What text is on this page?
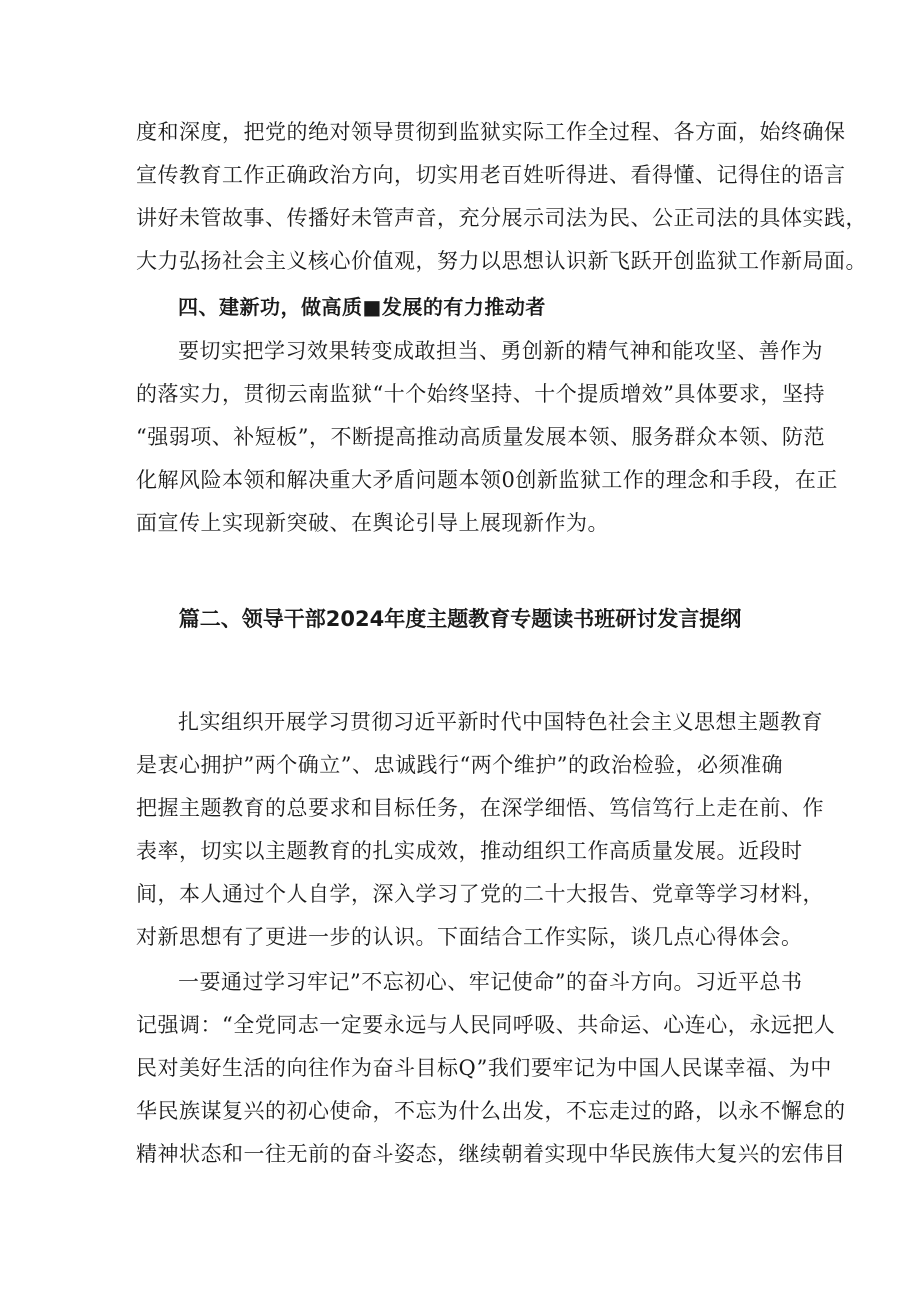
度和深度，把党的绝对领导贯彻到监狱实际工作全过程、各方面，始终确保
宣传教育工作正确政治方向，切实用老百姓听得进、看得懂、记得住的语言
讲好未管故事、传播好未管声音，充分展示司法为民、公正司法的具体实践，
大力弘扬社会主义核心价值观，努力以思想认识新飞跃开创监狱工作新局面。
四、建新功，做高质■发展的有力推动者
要切实把学习效果转变成敢担当、勇创新的精气神和能攻坚、善作为
的落实力，贯彻云南监狱“十个始终坚持、十个提质增效”具体要求，坚持
“强弱项、补短板”，不断提高推动高质量发展本领、服务群众本领、防范
化解风险本领和解决重大矛盾问题本领0创新监狱工作的理念和手段，在正
面宣传上实现新突破、在舆论引导上展现新作为。
篇二、领导干部2024年度主题教育专题读书班研讨发言提纲
扎实组织开展学习贯彻习近平新时代中国特色社会主义思想主题教育
是衷心拥护”两个确立”、忠诚践行“两个维护”的政治检验，必须准确
把握主题教育的总要求和目标任务，在深学细悟、笃信笃行上走在前、作
表率，切实以主题教育的扎实成效，推动组织工作高质量发展。近段时
间，本人通过个人自学，深入学习了党的二十大报告、党章等学习材料，
对新思想有了更进一步的认识。下面结合工作实际，谈几点心得体会。
一要通过学习牢记”不忘初心、牢记使命”的奋斗方向。习近平总书
记强调：“全党同志一定要永远与人民同呼吸、共命运、心连心，永远把人
民对美好生活的向往作为奋斗目标Q”我们要牢记为中国人民谋幸福、为中
华民族谋复兴的初心使命，不忘为什么出发，不忘走过的路，以永不懈怠的
精神状态和一往无前的奋斗姿态，继续朝着实现中华民族伟大复兴的宏伟目
